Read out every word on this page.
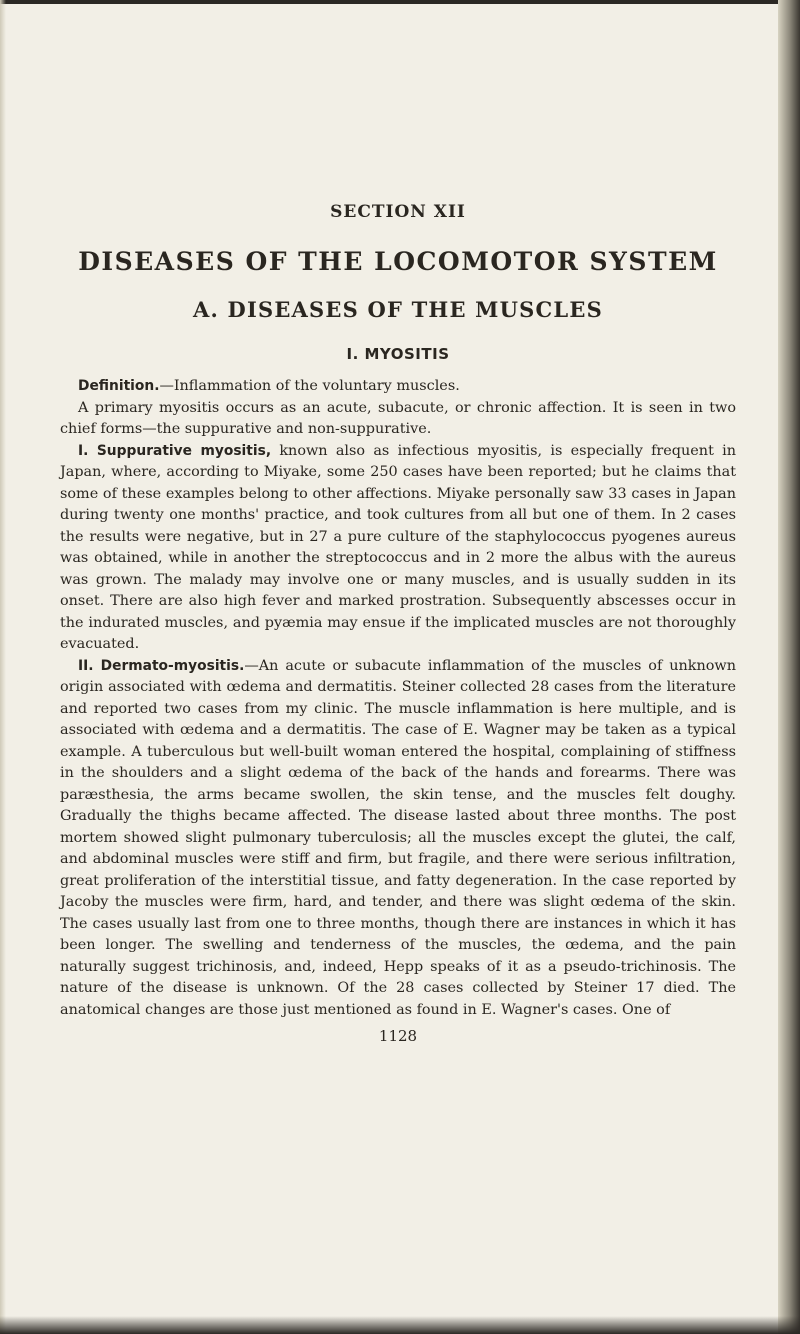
SECTION XII
DISEASES OF THE LOCOMOTOR SYSTEM
A. DISEASES OF THE MUSCLES
I. MYOSITIS

Definition.—Inflammation of the voluntary muscles.

A primary myositis occurs as an acute, subacute, or chronic affection. It is seen in two chief forms—the suppurative and non-suppurative.

I. Suppurative myositis, known also as infectious myositis, is especially frequent in Japan, where, according to Miyake, some 250 cases have been reported; but he claims that some of these examples belong to other affections. Miyake personally saw 33 cases in Japan during twenty one months' practice, and took cultures from all but one of them. In 2 cases the results were negative, but in 27 a pure culture of the staphylococcus pyogenes aureus was obtained, while in another the streptococcus and in 2 more the albus with the aureus was grown. The malady may involve one or many muscles, and is usually sudden in its onset. There are also high fever and marked prostration. Subsequently abscesses occur in the indurated muscles, and pyæmia may ensue if the implicated muscles are not thoroughly evacuated.

II. Dermato-myositis.—An acute or subacute inflammation of the muscles of unknown origin associated with œdema and dermatitis. Steiner collected 28 cases from the literature and reported two cases from my clinic. The muscle inflammation is here multiple, and is associated with œdema and a dermatitis. The case of E. Wagner may be taken as a typical example. A tuberculous but well-built woman entered the hospital, complaining of stiffness in the shoulders and a slight œdema of the back of the hands and forearms. There was paræsthesia, the arms became swollen, the skin tense, and the muscles felt doughy. Gradually the thighs became affected. The disease lasted about three months. The post mortem showed slight pulmonary tuberculosis; all the muscles except the glutei, the calf, and abdominal muscles were stiff and firm, but fragile, and there were serious infiltration, great proliferation of the interstitial tissue, and fatty degeneration. In the case reported by Jacoby the muscles were firm, hard, and tender, and there was slight œdema of the skin. The cases usually last from one to three months, though there are instances in which it has been longer. The swelling and tenderness of the muscles, the œdema, and the pain naturally suggest trichinosis, and, indeed, Hepp speaks of it as a pseudo-trichinosis. The nature of the disease is unknown. Of the 28 cases collected by Steiner 17 died. The anatomical changes are those just mentioned as found in E. Wagner's cases. One of

1128
